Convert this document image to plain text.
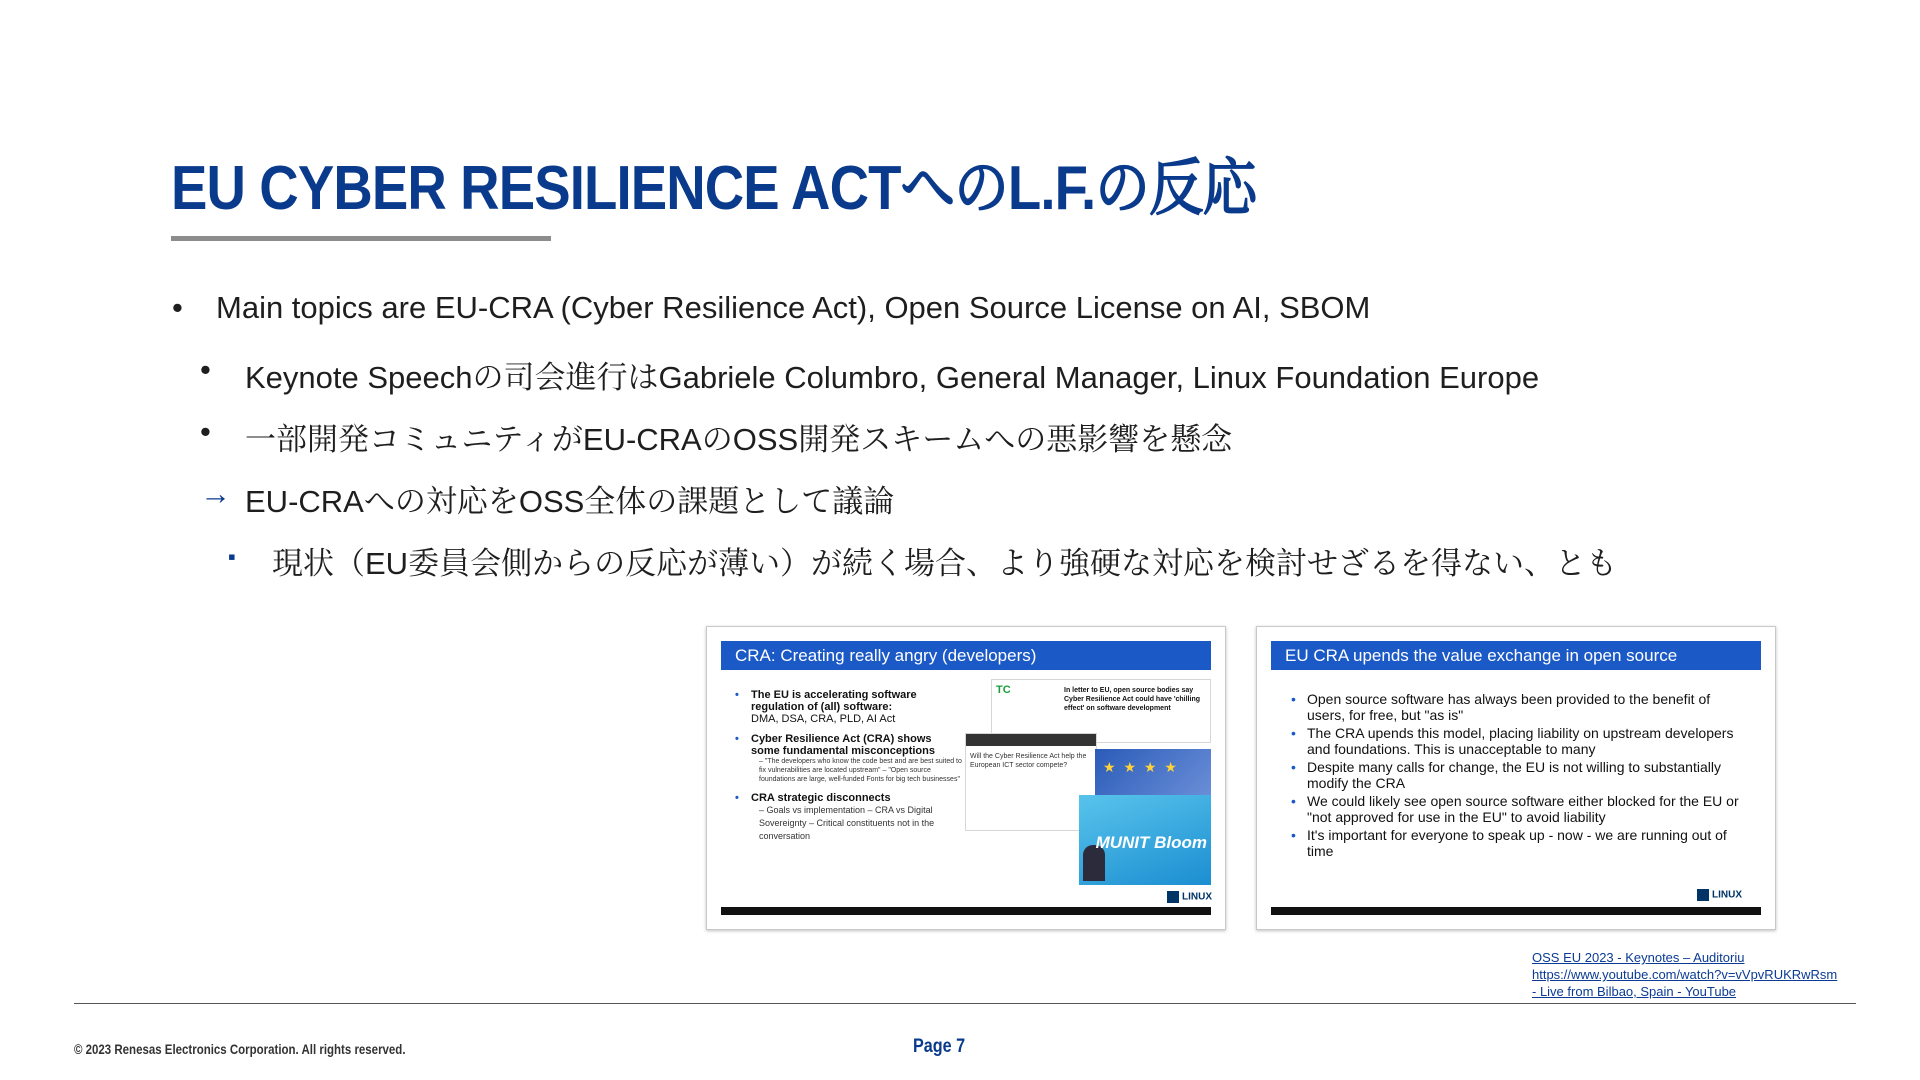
EU CYBER RESILIENCE ACTへのL.F.の反応
• Main topics are EU-CRA (Cyber Resilience Act), Open Source License on AI, SBOM
• Keynote Speechの司会進行はGabriele Columbro, General Manager, Linux Foundation Europe
• 一部開発コミュニティがEU-CRAのOSS開発スキームへの悪影響を懸念
→ EU-CRAへの対応をOSS全体の課題として議論
▪ 現状（EU委員会側からの反応が薄い）が続く場合、より強硬な対応を検討せざるを得ない、とも
CRA: Creating really angry (developers)
• The EU is accelerating software regulation of (all) software:
DMA, DSA, CRA, PLD, AI Act
• Cyber Resilience Act (CRA) shows some fundamental misconceptions
– "The developers who know the code best and are best suited to fix vulnerabilities are located upstream" – "Open source foundations are large, well-funded Fonts for big tech businesses"
• CRA strategic disconnects
– Goals vs implementation – CRA vs Digital Sovereignty – Critical constituents not in the conversation
TC	In letter to EU, open source bodies say Cyber Resilience Act could have 'chilling effect' on software development
Will the Cyber Resilience Act help the European ICT sector compete?	★ ★ ★ ★
MUNIT Bloom
LINUX
EU CRA upends the value exchange in open source
• Open source software has always been provided to the benefit of users, for free, but "as is"
• The CRA upends this model, placing liability on upstream developers and foundations. This is unacceptable to many
• Despite many calls for change, the EU is not willing to substantially modify the CRA
• We could likely see open source software either blocked for the EU or "not approved for use in the EU" to avoid liability
• It's important for everyone to speak up - now - we are running out of time
LINUX
OSS EU 2023 - Keynotes – Auditoriu
https://www.youtube.com/watch?v=vVpvRUKRwRsm
- Live from Bilbao, Spain - YouTube
© 2023 Renesas Electronics Corporation. All rights reserved.	Page 7
